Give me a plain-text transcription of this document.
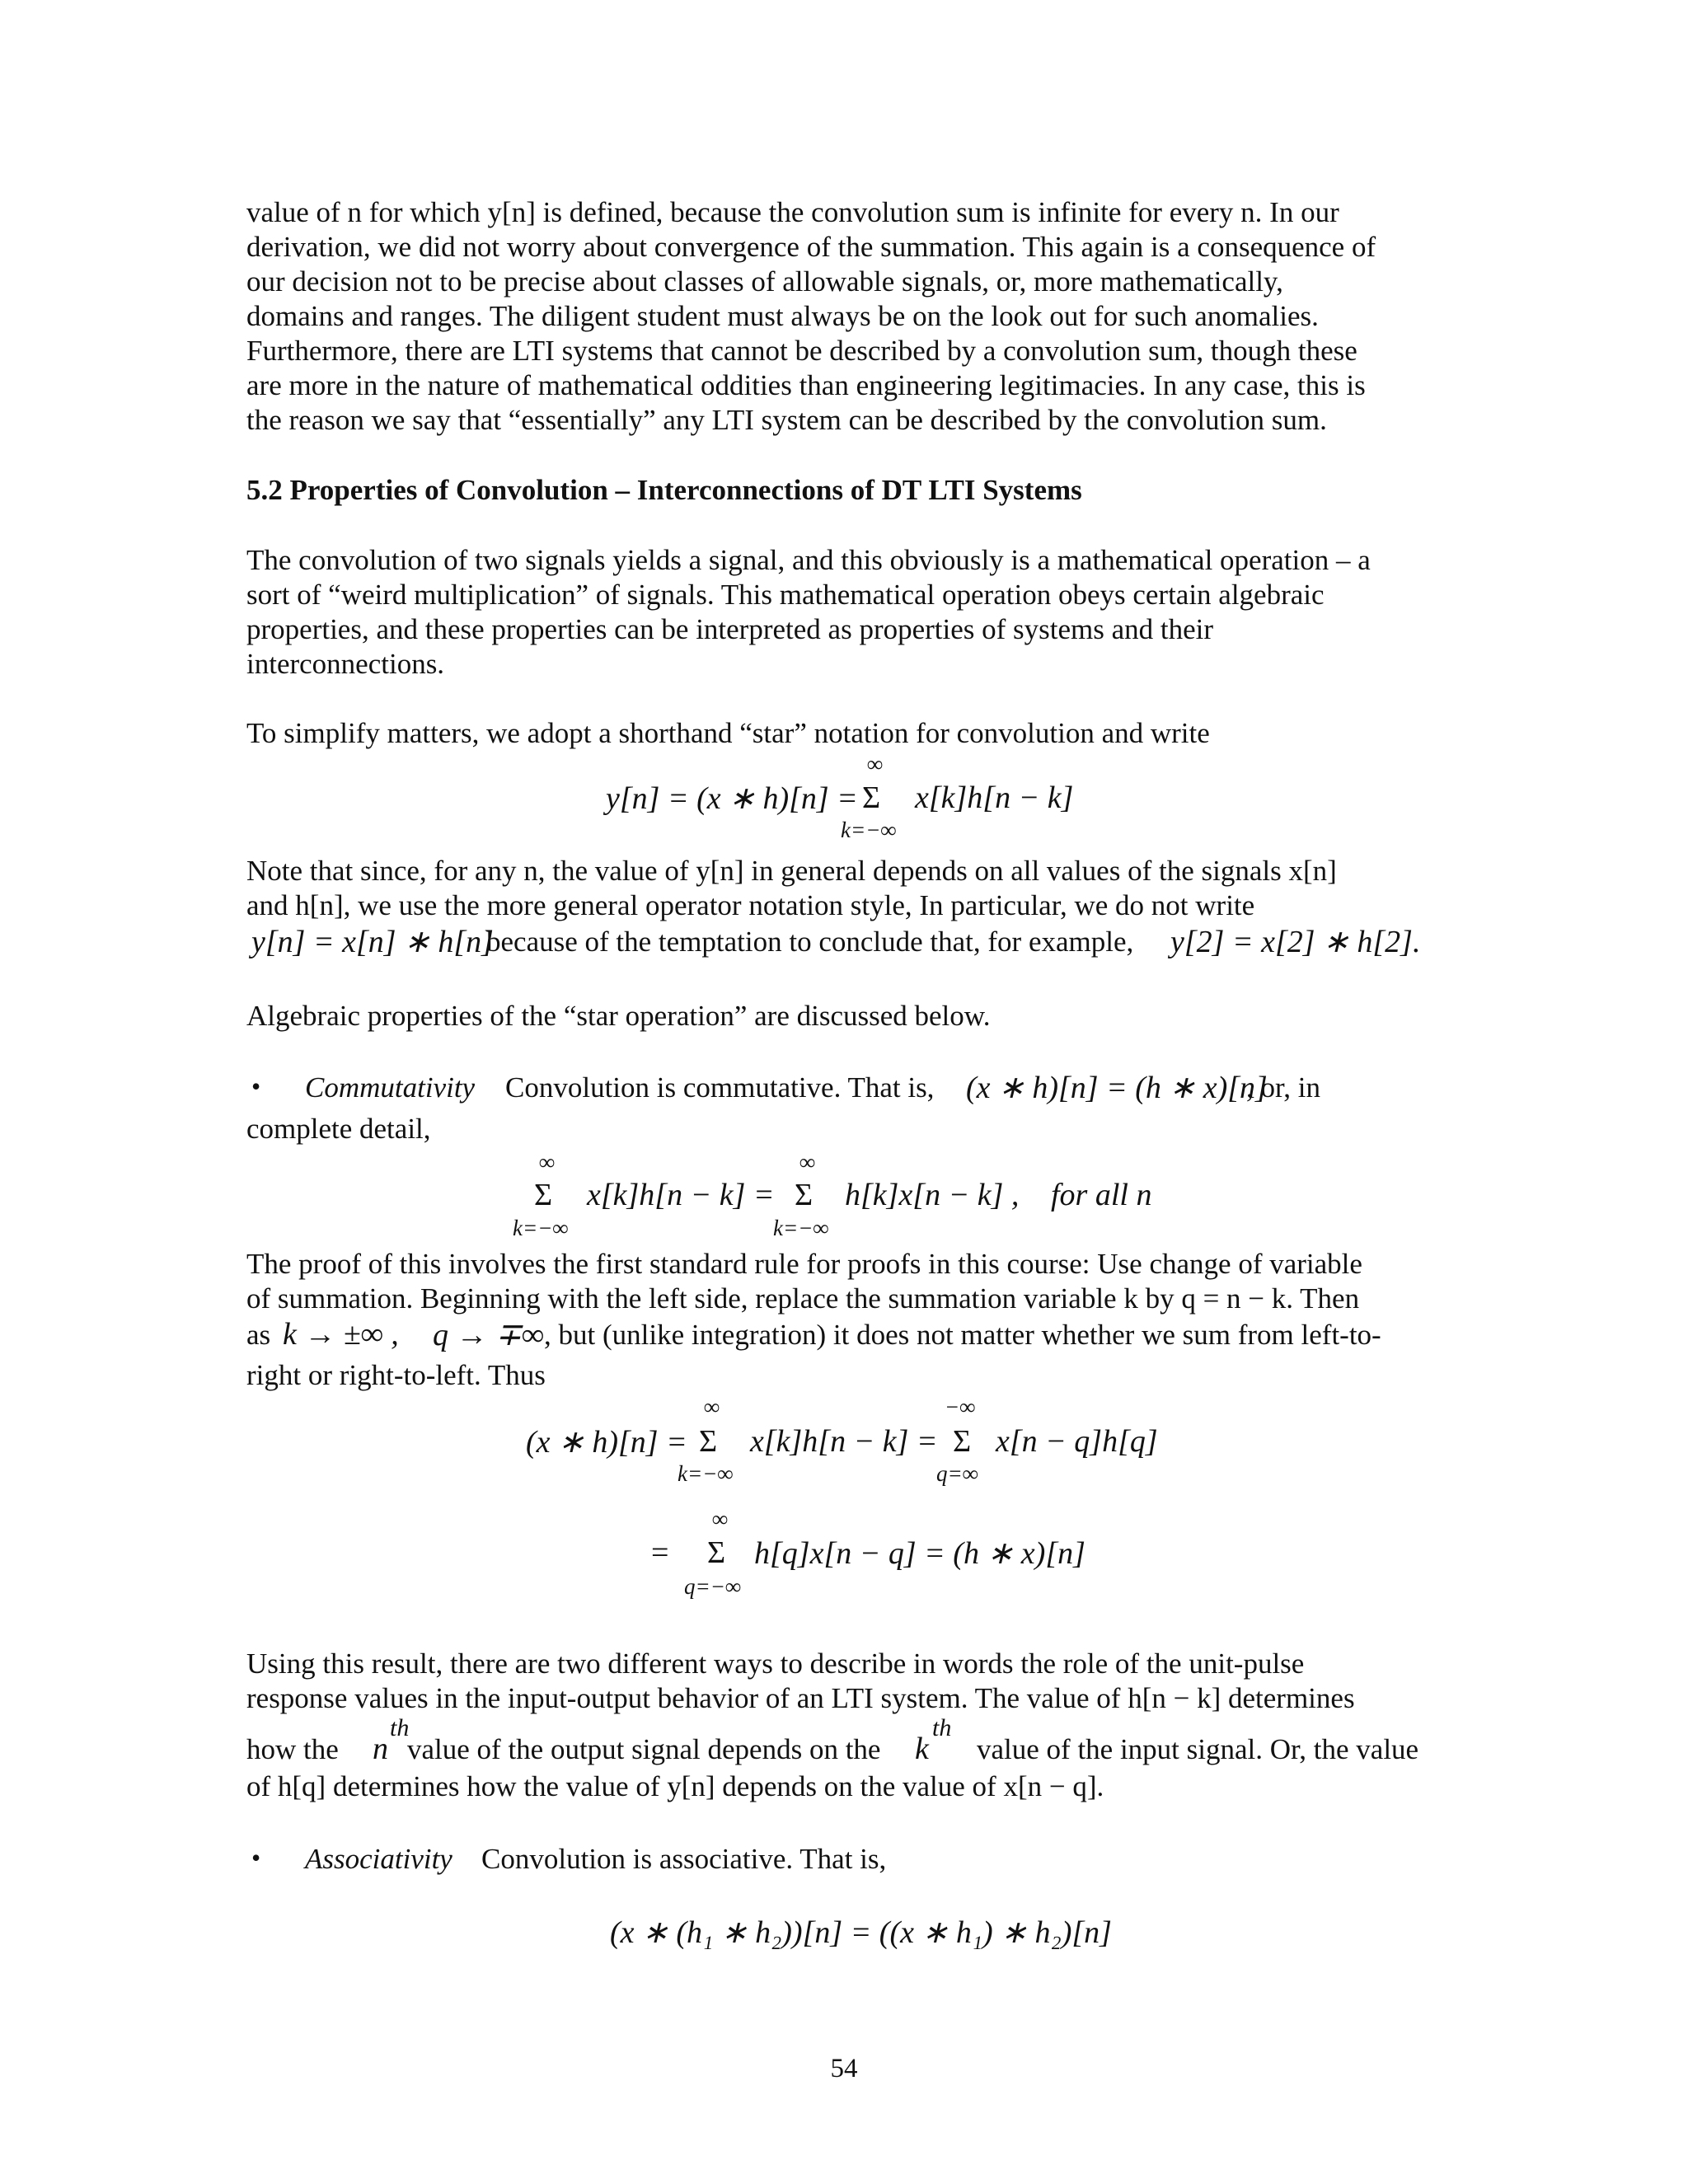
value of n for which y[n] is defined, because the convolution sum is infinite for every n. In our
derivation, we did not worry about convergence of the summation. This again is a consequence of
our decision not to be precise about classes of allowable signals, or, more mathematically,
domains and ranges. The diligent student must always be on the look out for such anomalies.
Furthermore, there are LTI systems that cannot be described by a convolution sum, though these
are more in the nature of mathematical oddities than engineering legitimacies. In any case, this is
the reason we say that “essentially” any LTI system can be described by the convolution sum.
5.2 Properties of Convolution – Interconnections of DT LTI Systems
The convolution of two signals yields a signal, and this obviously is a mathematical operation – a
sort of “weird multiplication” of signals. This mathematical operation obeys certain algebraic
properties, and these properties can be interpreted as properties of systems and their
interconnections.
To simplify matters, we adopt a shorthand “star” notation for convolution and write
y[n] = (x ∗ h)[n] =
∞
Σ
k=−∞
x[k]h[n − k]
Note that since, for any n, the value of y[n] in general depends on all values of the signals x[n]
and h[n], we use the more general operator notation style, In particular, we do not write
y[n] = x[n] ∗ h[n]
because of the temptation to conclude that, for example, y[2] = x[2] ∗ h[2].
Algebraic properties of the “star operation” are discussed below.
• Commutativity Convolution is commutative. That is, (x ∗ h)[n] = (h ∗ x)[n]
, or, in
complete detail,
∞
Σ
k=−∞
x[k]h[n − k] =
∞
Σ
k=−∞
h[k]x[n − k] , for all n
The proof of this involves the first standard rule for proofs in this course: Use change of variable
of summation. Beginning with the left side, replace the summation variable k by q = n − k. Then
as k → ±∞ , q → ∓∞ , but (unlike integration) it does not matter whether we sum from left-to-
right or right-to-left. Thus
(x ∗ h)[n] =
∞
Σ
k=−∞
x[k]h[n − k] =
−∞
Σ
q=∞
x[n − q]h[q]
=
∞
Σ
q=−∞
h[q]x[n − q] = (h ∗ x)[n]
Using this result, there are two different ways to describe in words the role of the unit-pulse
response values in the input-output behavior of an LTI system. The value of h[n − k] determines
how the n
th
value of the output signal depends on the k
th
value of the input signal. Or, the value
of h[q] determines how the value of y[n] depends on the value of x[n − q].
• Associativity Convolution is associative. That is,
(x ∗ (h₁ ∗ h₂))[n] = ((x ∗ h₁) ∗ h₂)[n]
54
